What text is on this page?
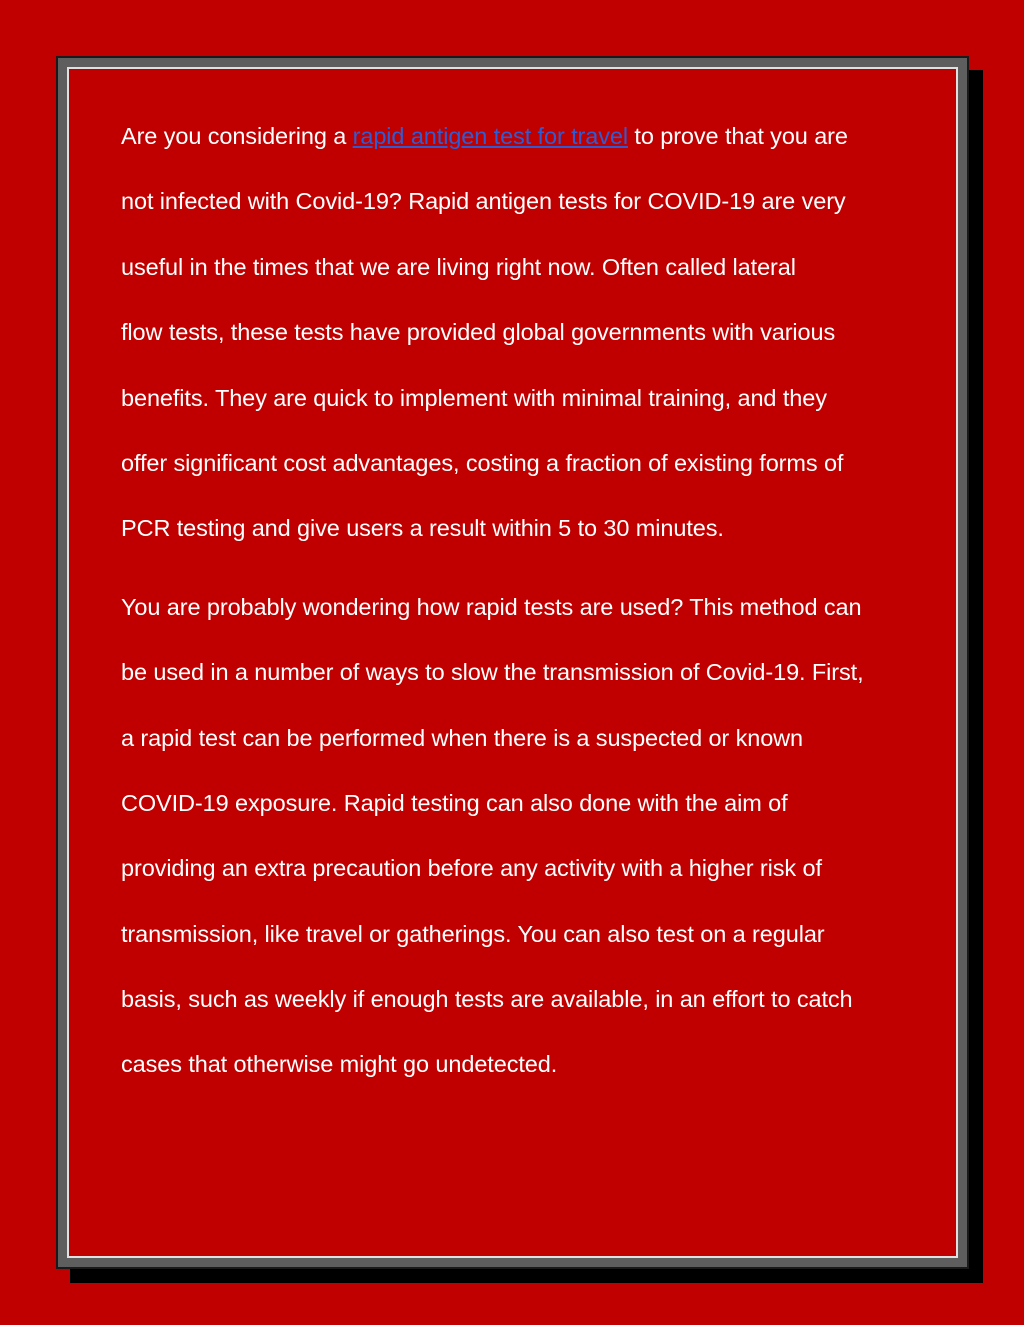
Are you considering a rapid antigen test for travel to prove that you are
not infected with Covid-19? Rapid antigen tests for COVID-19 are very
useful in the times that we are living right now. Often called lateral
flow tests, these tests have provided global governments with various
benefits. They are quick to implement with minimal training, and they
offer significant cost advantages, costing a fraction of existing forms of
PCR testing and give users a result within 5 to 30 minutes.

You are probably wondering how rapid tests are used? This method can
be used in a number of ways to slow the transmission of Covid-19. First,
a rapid test can be performed when there is a suspected or known
COVID-19 exposure. Rapid testing can also done with the aim of
providing an extra precaution before any activity with a higher risk of
transmission, like travel or gatherings. You can also test on a regular
basis, such as weekly if enough tests are available, in an effort to catch
cases that otherwise might go undetected.
